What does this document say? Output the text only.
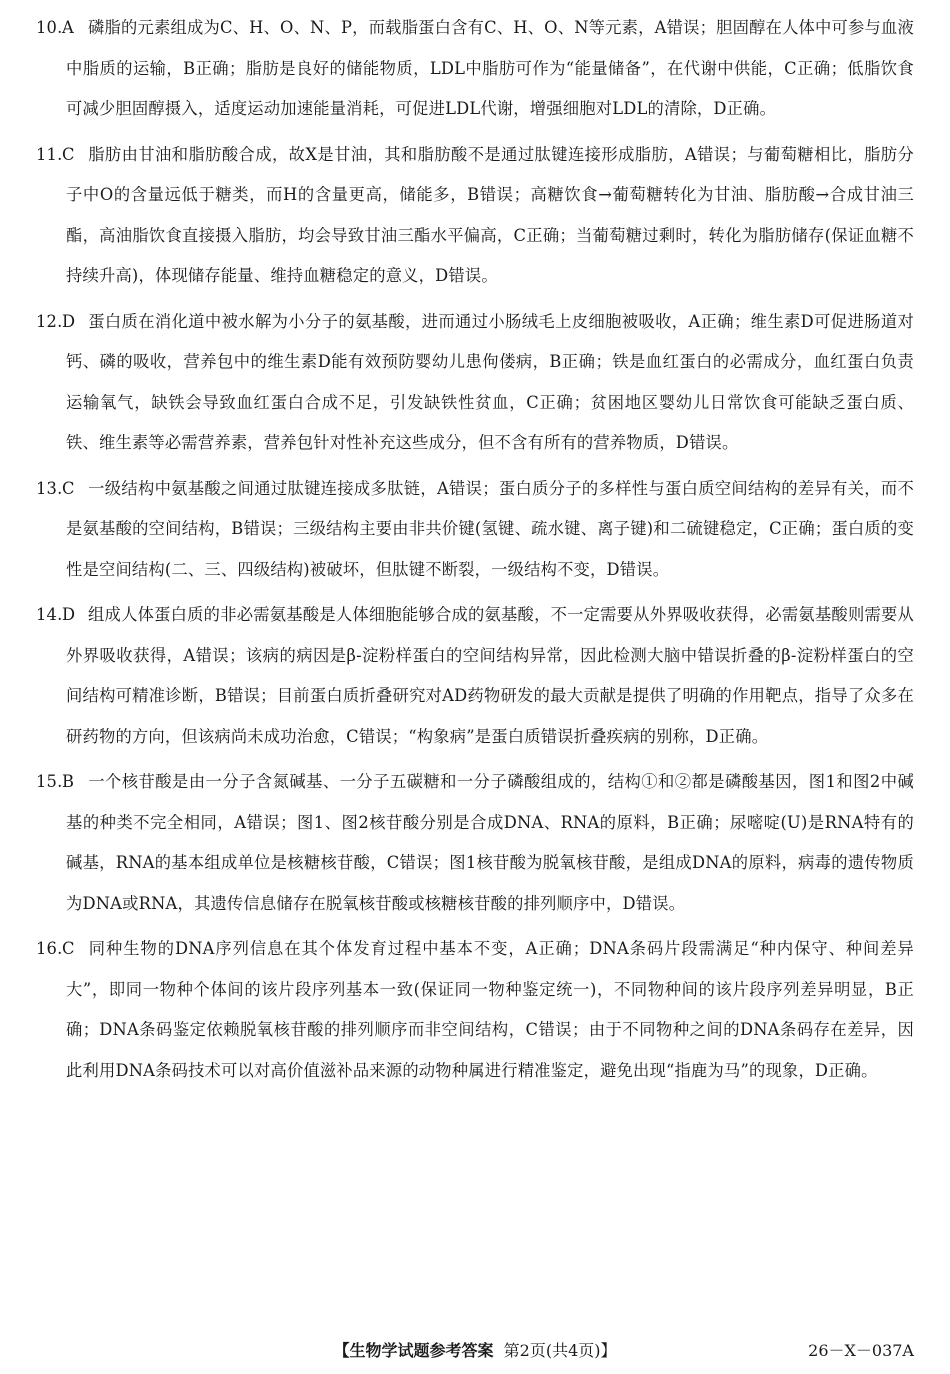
10. A 磷脂的元素组成为C、H、O、N、P，而载脂蛋白含有C、H、O、N等元素，A错误；胆固醇在人体中可参与血液中脂质的运输，B正确；脂肪是良好的储能物质，LDL中脂肪可作为“能量储备”，在代谢中供能，C正确；低脂饮食可减少胆固醇摄入，适度运动加速能量消耗，可促进LDL代谢，增强细胞对LDL的清除，D正确。
11. C 脂肪由甘油和脂肪酸合成，故X是甘油，其和脂肪酸不是通过肽键连接形成脂肪，A错误；与葡萄糖相比，脂肪分子中O的含量远低于糖类，而H的含量更高，储能多，B错误；高糖饮食→葡萄糖转化为甘油、脂肪酸→合成甘油三酯，高油脂饮食直接摄入脂肪，均会导致甘油三酯水平偏高，C正确；当葡萄糖过剩时，转化为脂肪储存(保证血糖不持续升高)，体现储存能量、维持血糖稳定的意义，D错误。
12. D 蛋白质在消化道中被水解为小分子的氨基酸，进而通过小肠绒毛上皮细胞被吸收，A正确；维生素D可促进肠道对钙、磷的吸收，营养包中的维生素D能有效预防婴幼儿患佝偻病，B正确；铁是血红蛋白的必需成分，血红蛋白负责运输氧气，缺铁会导致血红蛋白合成不足，引发缺铁性贫血，C正确；贫困地区婴幼儿日常饮食可能缺乏蛋白质、铁、维生素等必需营养素，营养包针对性补充这些成分，但不含有所有的营养物质，D错误。
13. C 一级结构中氨基酸之间通过肽键连接成多肽链，A错误；蛋白质分子的多样性与蛋白质空间结构的差异有关，而不是氨基酸的空间结构，B错误；三级结构主要由非共价键(氢键、疏水键、离子键)和二硫键稳定，C正确；蛋白质的变性是空间结构(二、三、四级结构)被破坏，但肽键不断裂，一级结构不变，D错误。
14. D 组成人体蛋白质的非必需氨基酸是人体细胞能够合成的氨基酸，不一定需要从外界吸收获得，必需氨基酸则需要从外界吸收获得，A错误；该病的病因是β-淀粉样蛋白的空间结构异常，因此检测大脑中错误折叠的β-淀粉样蛋白的空间结构可精准诊断，B错误；目前蛋白质折叠研究对AD药物研发的最大贡献是提供了明确的作用靶点，指导了众多在研药物的方向，但该病尚未成功治愈，C错误；“构象病”是蛋白质错误折叠疾病的别称，D正确。
15. B 一个核苷酸是由一分子含氮碱基、一分子五碳糖和一分子磷酸组成的，结构①和②都是磷酸基因，图1和图2中碱基的种类不完全相同，A错误；图1、图2核苷酸分别是合成DNA、RNA的原料，B正确；尿嘧啶(U)是RNA特有的碱基，RNA的基本组成单位是核糖核苷酸，C错误；图1核苷酸为脱氧核苷酸，是组成DNA的原料，病毒的遗传物质为DNA或RNA，其遗传信息储存在脱氧核苷酸或核糖核苷酸的排列顺序中，D错误。
16. C 同种生物的DNA序列信息在其个体发育过程中基本不变，A正确；DNA条码片段需满足“种内保守、种间差异大”，即同一物种个体间的该片段序列基本一致(保证同一物种鉴定统一)，不同物种间的该片段序列差异明显，B正确；DNA条码鉴定依赖脱氧核苷酸的排列顺序而非空间结构，C错误；由于不同物种之间的DNA条码存在差异，因此利用DNA条码技术可以对高价值滋补品来源的动物种属进行精准鉴定，避免出现“指鹿为马”的现象，D正确。
【生物学试题参考答案 第2页(共4页)】	26－X－037A
